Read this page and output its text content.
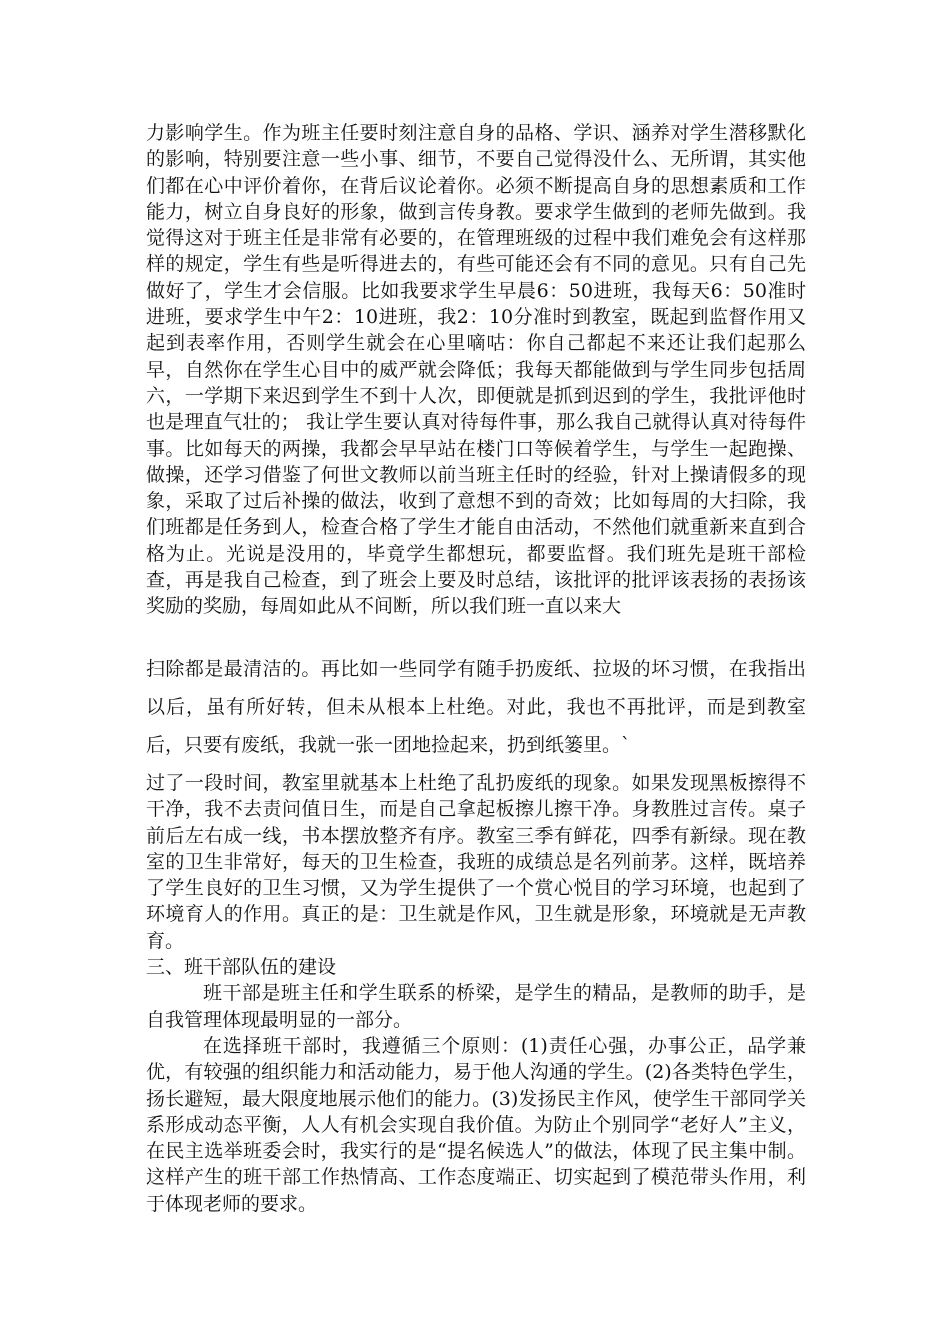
力影响学生。作为班主任要时刻注意自身的品格、学识、涵养对学生潜移默化的影响，特别要注意一些小事、细节，不要自己觉得没什么、无所谓，其实他们都在心中评价着你，在背后议论着你。必须不断提高自身的思想素质和工作能力，树立自身良好的形象，做到言传身教。要求学生做到的老师先做到。我觉得这对于班主任是非常有必要的，在管理班级的过程中我们难免会有这样那样的规定，学生有些是听得进去的，有些可能还会有不同的意见。只有自己先做好了，学生才会信服。比如我要求学生早晨6：50进班，我每天6：50准时进班，要求学生中午2：10进班，我2：10分准时到教室，既起到监督作用又起到表率作用，否则学生就会在心里嘀咕：你自己都起不来还让我们起那么早，自然你在学生心目中的威严就会降低；我每天都能做到与学生同步包括周六，一学期下来迟到学生不到十人次，即便就是抓到迟到的学生，我批评他时也是理直气壮的； 我让学生要认真对待每件事，那么我自己就得认真对待每件事。比如每天的两操，我都会早早站在楼门口等候着学生，与学生一起跑操、做操，还学习借鉴了何世文教师以前当班主任时的经验，针对上操请假多的现象，采取了过后补操的做法，收到了意想不到的奇效；比如每周的大扫除，我们班都是任务到人，检查合格了学生才能自由活动，不然他们就重新来直到合格为止。光说是没用的，毕竟学生都想玩，都要监督。我们班先是班干部检查，再是我自己检查，到了班会上要及时总结，该批评的批评该表扬的表扬该奖励的奖励，每周如此从不间断，所以我们班一直以来大

扫除都是最清洁的。再比如一些同学有随手扔废纸、拉圾的坏习惯，在我指出以后，虽有所好转，但未从根本上杜绝。对此，我也不再批评，而是到教室后，只要有废纸，我就一张一团地捡起来，扔到纸篓里。`

过了一段时间，教室里就基本上杜绝了乱扔废纸的现象。如果发现黑板擦得不干净，我不去责问值日生，而是自己拿起板擦儿擦干净。身教胜过言传。桌子前后左右成一线，书本摆放整齐有序。教室三季有鲜花，四季有新绿。现在教室的卫生非常好，每天的卫生检查，我班的成绩总是名列前茅。这样，既培养了学生良好的卫生习惯，又为学生提供了一个赏心悦目的学习环境，也起到了环境育人的作用。真正的是：卫生就是作风，卫生就是形象，环境就是无声教育。

三、班干部队伍的建设

班干部是班主任和学生联系的桥梁，是学生的精品，是教师的助手，是自我管理体现最明显的一部分。

在选择班干部时，我遵循三个原则：(1)责任心强，办事公正，品学兼优，有较强的组织能力和活动能力，易于他人沟通的学生。(2)各类特色学生，扬长避短，最大限度地展示他们的能力。(3)发扬民主作风，使学生干部同学关系形成动态平衡，人人有机会实现自我价值。为防止个别同学“老好人”主义，在民主选举班委会时，我实行的是“提名候选人”的做法，体现了民主集中制。这样产生的班干部工作热情高、工作态度端正、切实起到了模范带头作用，利于体现老师的要求。
